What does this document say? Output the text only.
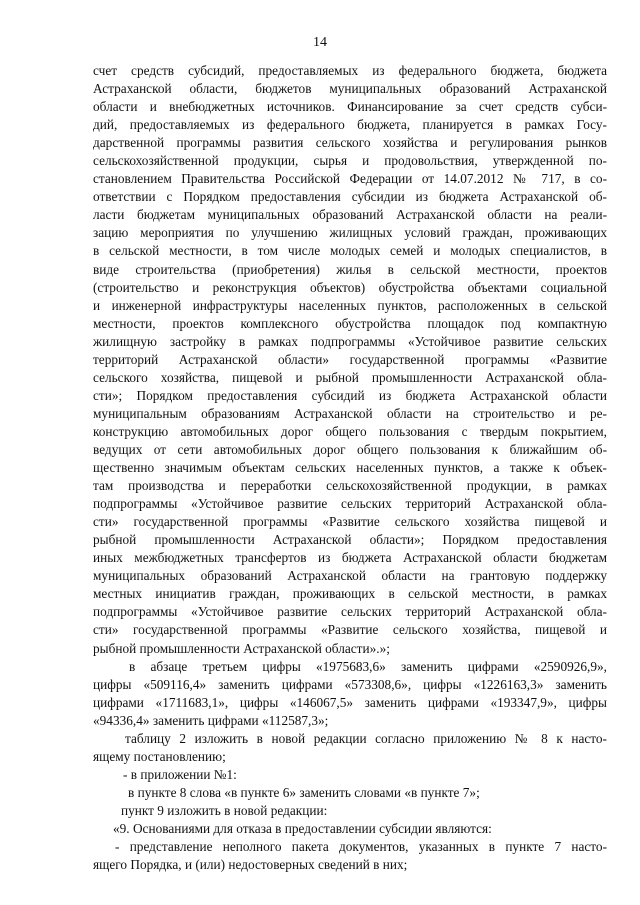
14
счет средств субсидий, предоставляемых из федерального бюджета, бюджета
Астраханской области, бюджетов муниципальных образований Астраханской
области и внебюджетных источников. Финансирование за счет средств субси-
дий, предоставляемых из федерального бюджета, планируется в рамках Госу-
дарственной программы развития сельского хозяйства и регулирования рынков
сельскохозяйственной продукции, сырья и продовольствия, утвержденной по-
становлением Правительства Российской Федерации от 14.07.2012 № 717, в со-
ответствии с Порядком предоставления субсидии из бюджета Астраханской об-
ласти бюджетам муниципальных образований Астраханской области на реали-
зацию мероприятия по улучшению жилищных условий граждан, проживающих
в сельской местности, в том числе молодых семей и молодых специалистов, в
виде строительства (приобретения) жилья в сельской местности, проектов
(строительство и реконструкция объектов) обустройства объектами социальной
и инженерной инфраструктуры населенных пунктов, расположенных в сельской
местности, проектов комплексного обустройства площадок под компактную
жилищную застройку в рамках подпрограммы «Устойчивое развитие сельских
территорий Астраханской области» государственной программы «Развитие
сельского хозяйства, пищевой и рыбной промышленности Астраханской обла-
сти»; Порядком предоставления субсидий из бюджета Астраханской области
муниципальным образованиям Астраханской области на строительство и ре-
конструкцию автомобильных дорог общего пользования с твердым покрытием,
ведущих от сети автомобильных дорог общего пользования к ближайшим об-
щественно значимым объектам сельских населенных пунктов, а также к объек-
там производства и переработки сельскохозяйственной продукции, в рамках
подпрограммы «Устойчивое развитие сельских территорий Астраханской обла-
сти» государственной программы «Развитие сельского хозяйства пищевой и
рыбной промышленности Астраханской области»; Порядком предоставления
иных межбюджетных трансфертов из бюджета Астраханской области бюджетам
муниципальных образований Астраханской области на грантовую поддержку
местных инициатив граждан, проживающих в сельской местности, в рамках
подпрограммы «Устойчивое развитие сельских территорий Астраханской обла-
сти» государственной программы «Развитие сельского хозяйства, пищевой и
рыбной промышленности Астраханской области».»;
в абзаце третьем цифры «1975683,6» заменить цифрами «2590926,9»,
цифры «509116,4» заменить цифрами «573308,6», цифры «1226163,3» заменить
цифрами «1711683,1», цифры «146067,5» заменить цифрами «193347,9», цифры
«94336,4» заменить цифрами «112587,3»;
таблицу 2 изложить в новой редакции согласно приложению № 8 к насто-
ящему постановлению;
- в приложении №1:
в пункте 8 слова «в пункте 6» заменить словами «в пункте 7»;
пункт 9 изложить в новой редакции:
«9. Основаниями для отказа в предоставлении субсидии являются:
- представление неполного пакета документов, указанных в пункте 7 насто-
ящего Порядка, и (или) недостоверных сведений в них;
